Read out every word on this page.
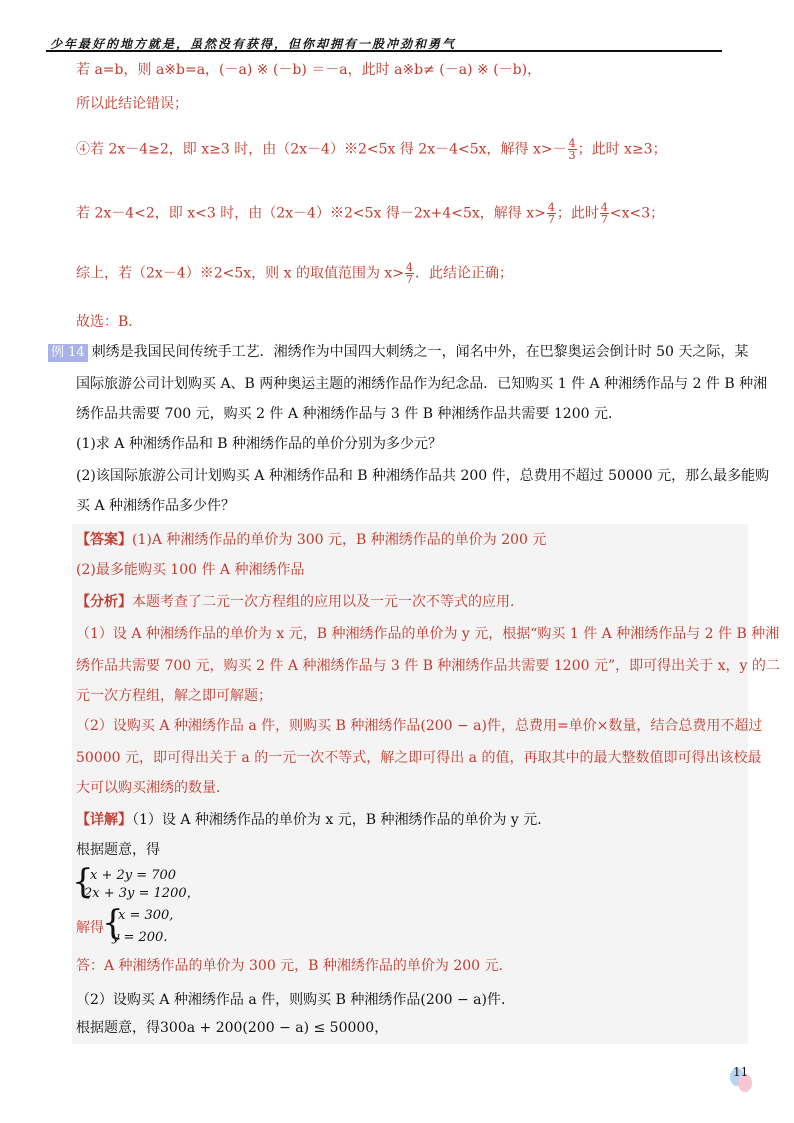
少年最好的地方就是，虽然没有获得，但你却拥有一股冲劲和勇气
若 a=b，则 a※b=a，(－a) ※ (－b) ＝－a，此时 a※b≠ (－a) ※ (－b)，
所以此结论错误；
④若 2x－4≥2，即 x≥3 时，由（2x－4）※2<5x 得 2x－4<5x，解得 $x>- \frac{4}{3}$ ；此时 x≥3；
若 2x－4<2，即 x<3 时，由（2x－4）※2<5x 得－2x+4<5x，解得 $x> \frac{4}{7}$ ；此时 $\frac{4}{7} <x<3$；
综上，若（2x－4）※2<5x，则 x 的取值范围为 $x> \frac{4}{7}$ ．此结论正确；
故选：B．
例 14 刺绣是我国民间传统手工艺．湘绣作为中国四大刺绣之一，闻名中外，在巴黎奥运会倒计时 50 天之际，某
国际旅游公司计划购买 A、B 两种奥运主题的湘绣作品作为纪念品．已知购买 1 件 A 种湘绣作品与 2 件 B 种湘
绣作品共需要 700 元，购买 2 件 A 种湘绣作品与 3 件 B 种湘绣作品共需要 1200 元．
(1)求 A 种湘绣作品和 B 种湘绣作品的单价分别为多少元？
(2)该国际旅游公司计划购买 A 种湘绣作品和 B 种湘绣作品共 200 件，总费用不超过 50000 元，那么最多能购
买 A 种湘绣作品多少件？
【答案】(1)A 种湘绣作品的单价为 300 元，B 种湘绣作品的单价为 200 元
(2)最多能购买 100 件 A 种湘绣作品
【分析】本题考查了二元一次方程组的应用以及一元一次不等式的应用．
（1）设 A 种湘绣作品的单价为 x 元，B 种湘绣作品的单价为 y 元，根据“购买 1 件 A 种湘绣作品与 2 件 B 种湘
绣作品共需要 700 元，购买 2 件 A 种湘绣作品与 3 件 B 种湘绣作品共需要 1200 元”，即可得出关于 x，y 的二
元一次方程组，解之即可解题；
（2）设购买 A 种湘绣作品 a 件，则购买 B 种湘绣作品(200 − a)件，总费用=单价×数量，结合总费用不超过
50000 元，即可得出关于 a 的一元一次不等式，解之即可得出 a 的值，再取其中的最大整数值即可得出该校最
大可以购买湘绣的数量．
【详解】（1）设 A 种湘绣作品的单价为 x 元，B 种湘绣作品的单价为 y 元．
根据题意，得
{
x + 2y = 700
2x + 3y = 1200，
解得
{
x = 300,
y = 200.
答：A 种湘绣作品的单价为 300 元，B 种湘绣作品的单价为 200 元．
（2）设购买 A 种湘绣作品 a 件，则购买 B 种湘绣作品(200 − a)件．
根据题意，得300a + 200(200 − a) ≤ 50000，
11
